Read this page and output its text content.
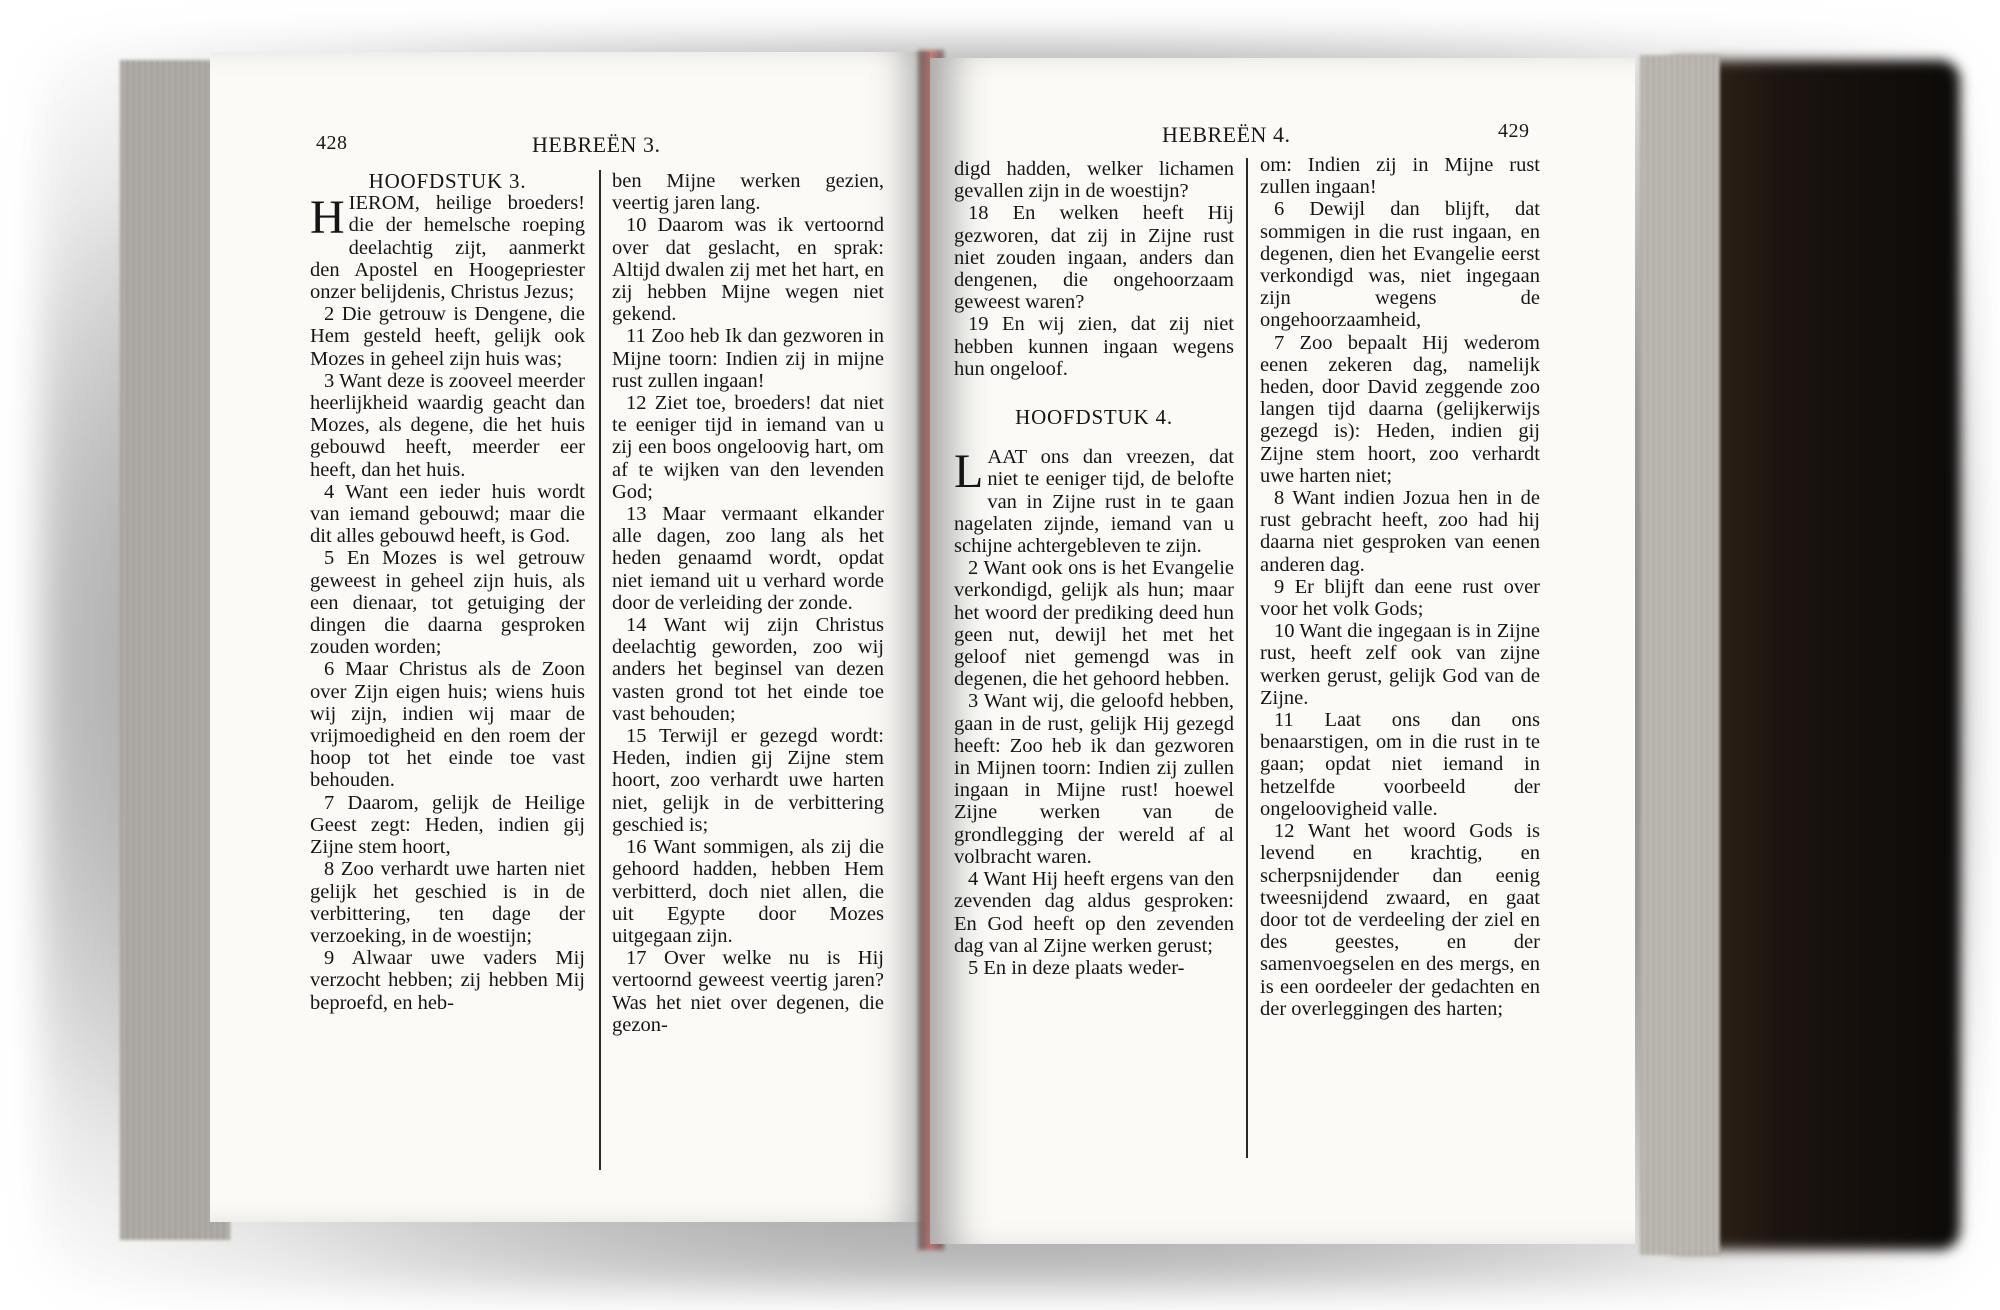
428	HEBREËN 3.

HOOFDSTUK 3.

HIEROM, heilige broeders! die der hemelsche roeping deelachtig zijt, aanmerkt den Apostel en Hoogepriester onzer belijdenis, Christus Jezus;

2 Die getrouw is Dengene, die Hem gesteld heeft, gelijk ook Mozes in geheel zijn huis was;

3 Want deze is zooveel meerder heerlijkheid waardig geacht dan Mozes, als degene, die het huis gebouwd heeft, meerder eer heeft, dan het huis.

4 Want een ieder huis wordt van iemand gebouwd; maar die dit alles gebouwd heeft, is God.

5 En Mozes is wel getrouw geweest in geheel zijn huis, als een dienaar, tot getuiging der dingen die daarna gesproken zouden worden;

6 Maar Christus als de Zoon over Zijn eigen huis; wiens huis wij zijn, indien wij maar de vrijmoedigheid en den roem der hoop tot het einde toe vast behouden.

7 Daarom, gelijk de Heilige Geest zegt: Heden, indien gij Zijne stem hoort,

8 Zoo verhardt uwe harten niet gelijk het geschied is in de verbittering, ten dage der verzoeking, in de woestijn;

9 Alwaar uwe vaders Mij verzocht hebben; zij hebben Mij beproefd, en heb-

ben Mijne werken gezien, veertig jaren lang.

10 Daarom was ik vertoornd over dat geslacht, en sprak: Altijd dwalen zij met het hart, en zij hebben Mijne wegen niet gekend.

11 Zoo heb Ik dan gezworen in Mijne toorn: Indien zij in mijne rust zullen ingaan!

12 Ziet toe, broeders! dat niet te eeniger tijd in iemand van u zij een boos ongeloovig hart, om af te wijken van den levenden God;

13 Maar vermaant elkander alle dagen, zoo lang als het heden genaamd wordt, opdat niet iemand uit u verhard worde door de verleiding der zonde.

14 Want wij zijn Christus deelachtig geworden, zoo wij anders het beginsel van dezen vasten grond tot het einde toe vast behouden;

15 Terwijl er gezegd wordt: Heden, indien gij Zijne stem hoort, zoo verhardt uwe harten niet, gelijk in de verbittering geschied is;

16 Want sommigen, als zij die gehoord hadden, hebben Hem verbitterd, doch niet allen, die uit Egypte door Mozes uitgegaan zijn.

17 Over welke nu is Hij vertoornd geweest veertig jaren? Was het niet over degenen, die gezon-

HEBREËN 4.	429

digd hadden, welker lichamen gevallen zijn in de woestijn?

18 En welken heeft Hij gezworen, dat zij in Zijne rust niet zouden ingaan, anders dan dengenen, die ongehoorzaam geweest waren?

19 En wij zien, dat zij niet hebben kunnen ingaan wegens hun ongeloof.

HOOFDSTUK 4.

LAAT ons dan vreezen, dat niet te eeniger tijd, de belofte van in Zijne rust in te gaan nagelaten zijnde, iemand van u schijne achtergebleven te zijn.

2 Want ook ons is het Evangelie verkondigd, gelijk als hun; maar het woord der prediking deed hun geen nut, dewijl het met het geloof niet gemengd was in degenen, die het gehoord hebben.

3 Want wij, die geloofd hebben, gaan in de rust, gelijk Hij gezegd heeft: Zoo heb ik dan gezworen in Mijnen toorn: Indien zij zullen ingaan in Mijne rust! hoewel Zijne werken van de grondlegging der wereld af al volbracht waren.

4 Want Hij heeft ergens van den zevenden dag aldus gesproken: En God heeft op den zevenden dag van al Zijne werken gerust;

5 En in deze plaats weder-

om: Indien zij in Mijne rust zullen ingaan!

6 Dewijl dan blijft, dat sommigen in die rust ingaan, en degenen, dien het Evangelie eerst verkondigd was, niet ingegaan zijn wegens de ongehoorzaamheid,

7 Zoo bepaalt Hij wederom eenen zekeren dag, namelijk heden, door David zeggende zoo langen tijd daarna (gelijkerwijs gezegd is): Heden, indien gij Zijne stem hoort, zoo verhardt uwe harten niet;

8 Want indien Jozua hen in de rust gebracht heeft, zoo had hij daarna niet gesproken van eenen anderen dag.

9 Er blijft dan eene rust over voor het volk Gods;

10 Want die ingegaan is in Zijne rust, heeft zelf ook van zijne werken gerust, gelijk God van de Zijne.

11 Laat ons dan ons benaarstigen, om in die rust in te gaan; opdat niet iemand in hetzelfde voorbeeld der ongeloovigheid valle.

12 Want het woord Gods is levend en krachtig, en scherpsnijdender dan eenig tweesnijdend zwaard, en gaat door tot de verdeeling der ziel en des geestes, en der samenvoegselen en des mergs, en is een oordeeler der gedachten en der overleggingen des harten;
